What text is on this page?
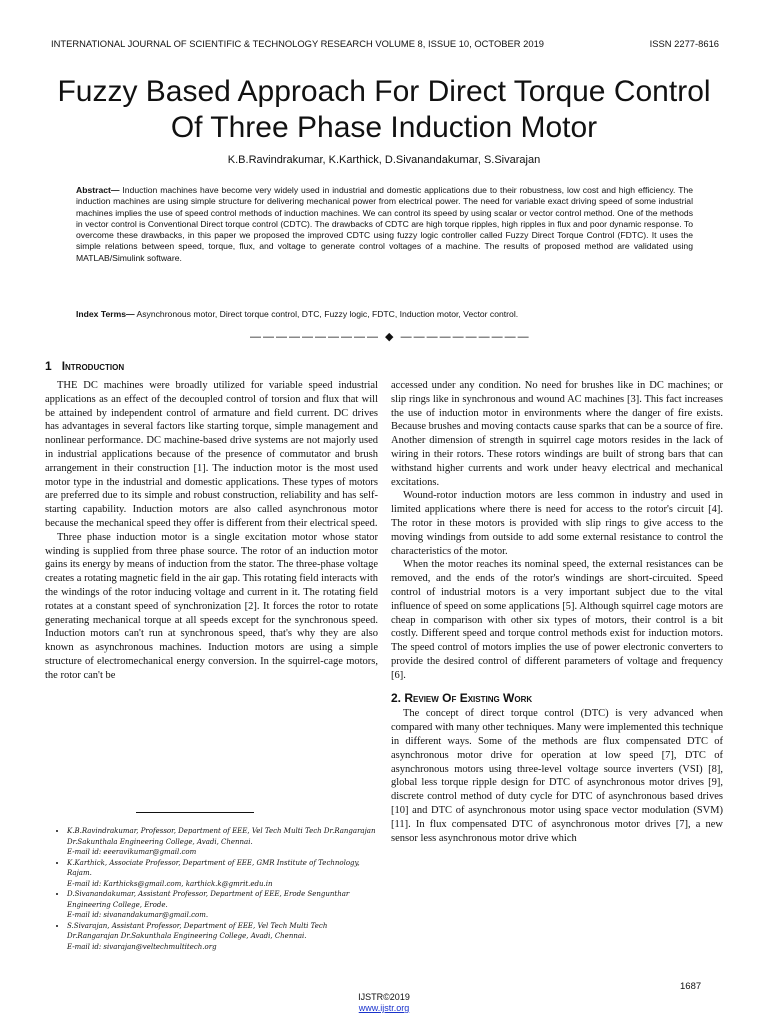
INTERNATIONAL JOURNAL OF SCIENTIFIC & TECHNOLOGY RESEARCH VOLUME 8, ISSUE 10, OCTOBER 2019	ISSN 2277-8616
Fuzzy Based Approach For Direct Torque Control
Of Three Phase Induction Motor
K.B.Ravindrakumar, K.Karthick, D.Sivanandakumar, S.Sivarajan
Abstract— Induction machines have become very widely used in industrial and domestic applications due to their robustness, low cost and high efficiency. The induction machines are using simple structure for delivering mechanical power from electrical power. The need for variable exact driving speed of some industrial machines implies the use of speed control methods of induction machines. We can control its speed by using scalar or vector control method. One of the methods in vector control is Conventional Direct torque control (CDTC). The drawbacks of CDTC are high torque ripples, high ripples in flux and poor dynamic response. To overcome these drawbacks, in this paper we proposed the improved CDTC using fuzzy logic controller called Fuzzy Direct Torque Control (FDTC). It uses the simple relations between speed, torque, flux, and voltage to generate control voltages of a machine. The results of proposed method are validated using MATLAB/Simulink software.
Index Terms— Asynchronous motor, Direct torque control, DTC, Fuzzy logic, FDTC, Induction motor, Vector control.
—————————— ◆ ——————————
1 Introduction

THE DC machines were broadly utilized for variable speed industrial applications as an effect of the decoupled control of torsion and flux that will be attained by independent control of armature and field current. DC drives has advantages in several factors like starting torque, simple management and nonlinear performance. DC machine-based drive systems are not majorly used in industrial applications because of the presence of commutator and brush arrangement in their construction [1]. The induction motor is the most used motor type in the industrial and domestic applications. These types of motors are preferred due to its simple and robust construction, reliability and has self-starting capability. Induction motors are also called asynchronous motor because the mechanical speed they offer is different from their electrical speed.

Three phase induction motor is a single excitation motor whose stator winding is supplied from three phase source. The rotor of an induction motor gains its energy by means of induction from the stator. The three-phase voltage creates a rotating magnetic field in the air gap. This rotating field interacts with the windings of the rotor inducing voltage and current in it. The rotating field rotates at a constant speed of synchronization [2]. It forces the rotor to rotate generating mechanical torque at all speeds except for the synchronous speed. Induction motors can't run at synchronous speed, that's why they are also known as asynchronous machines. Induction motors are using a simple structure of electromechanical energy conversion. In the squirrel-cage motors, the rotor can't be

accessed under any condition. No need for brushes like in DC machines; or slip rings like in synchronous and wound AC machines [3]. This fact increases the use of induction motor in environments where the danger of fire exists. Because brushes and moving contacts cause sparks that can be a source of fire. Another dimension of strength in squirrel cage motors resides in the lack of wiring in their rotors. These rotors windings are built of strong bars that can withstand higher currents and work under heavy electrical and mechanical excitations.

Wound-rotor induction motors are less common in industry and used in limited applications where there is need for access to the rotor's circuit [4]. The rotor in these motors is provided with slip rings to give access to the moving windings from outside to add some external resistance to control the characteristics of the motor.

When the motor reaches its nominal speed, the external resistances can be removed, and the ends of the rotor's windings are short-circuited. Speed control of industrial motors is a very important subject due to the vital influence of speed on some applications [5]. Although squirrel cage motors are cheap in comparison with other six types of motors, their control is a bit costly. Different speed and torque control methods exist for induction motors. The speed control of motors implies the use of power electronic converters to provide the desired control of different parameters of voltage and frequency [6].

2. Review Of Existing Work

The concept of direct torque control (DTC) is very advanced when compared with many other techniques. Many were implemented this technique in different ways. Some of the methods are flux compensated DTC of asynchronous motor drive for operation at low speed [7], DTC of asynchronous motors using three-level voltage source inverters (VSI) [8], global less torque ripple design for DTC of asynchronous motor drives [9], discrete control method of duty cycle for DTC of asynchronous based drives [10] and DTC of asynchronous motor using space vector modulation (SVM) [11]. In flux compensated DTC of asynchronous motor drives [7], a new sensor less asynchronous motor drive which

• K.B.Ravindrakumar, Professor, Department of EEE, Vel Tech Multi Tech Dr.Rangarajan Dr.Sakunthala Engineering College, Avadi, Chennai.
E-mail id: eeeravikumar@gmail.com
• K.Karthick, Associate Professor, Department of EEE, GMR Institute of Technology, Rajam.
E-mail id: Karthicks@gmail.com, karthick.k@gmrit.edu.in
• D.Sivanandakumar, Assistant Professor, Department of EEE, Erode Sengunthar Engineering College, Erode.
E-mail id: sivanandakumar@gmail.com.
• S.Sivarajan, Assistant Professor, Department of EEE, Vel Tech Multi Tech Dr.Rangarajan Dr.Sakunthala Engineering College, Avadi, Chennai.
E-mail id: sivarajan@veltechmultitech.org
1687
IJSTR©2019
www.ijstr.org
